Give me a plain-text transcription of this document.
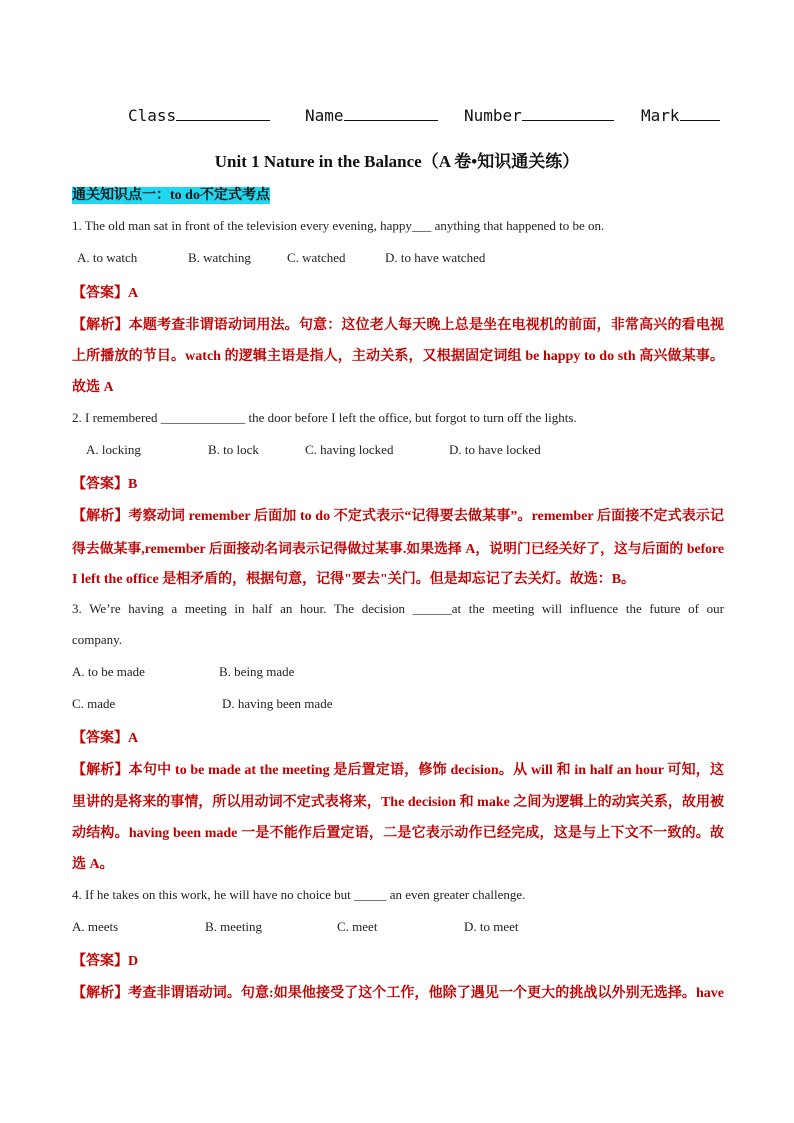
Class	Name	Number	Mark
Unit 1 Nature in the Balance（A 卷•知识通关练）
通关知识点一：to do不定式考点
1. The old man sat in front of the television every evening, happy___ anything that happened to be on.
A. to watch	B. watching	C. watched	D. to have watched
【答案】A
【解析】本题考查非谓语动词用法。句意：这位老人每天晚上总是坐在电视机的前面，非常高兴的看电视
上所播放的节目。watch 的逻辑主语是指人，主动关系，又根据固定词组 be happy to do sth 高兴做某事。
故选 A
2. I remembered _____________ the door before I left the office, but forgot to turn off the lights.
A. locking	B. to lock	C. having locked	D. to have locked
【答案】B
【解析】考察动词 remember 后面加 to do 不定式表示“记得要去做某事”。remember 后面接不定式表示记
得去做某事,remember 后面接动名词表示记得做过某事.如果选择 A，说明门已经关好了，这与后面的 before
I left the office 是相矛盾的，根据句意，记得"要去"关门。但是却忘记了去关灯。故选：B。
3. We’re having a meeting in half an hour. The decision ______at the meeting will influence the future of our
company.
A. to be made	B. being made
C. made	D. having been made
【答案】A
【解析】本句中 to be made at the meeting 是后置定语，修饰 decision。从 will 和 in half an hour 可知，这
里讲的是将来的事情，所以用动词不定式表将来，The decision 和 make 之间为逻辑上的动宾关系，故用被
动结构。having been made 一是不能作后置定语，二是它表示动作已经完成，这是与上下文不一致的。故
选 A。
4. If he takes on this work, he will have no choice but _____ an even greater challenge.
A. meets	B. meeting	C. meet	D. to meet
【答案】D
【解析】考查非谓语动词。句意:如果他接受了这个工作，他除了遇见一个更大的挑战以外别无选择。have
